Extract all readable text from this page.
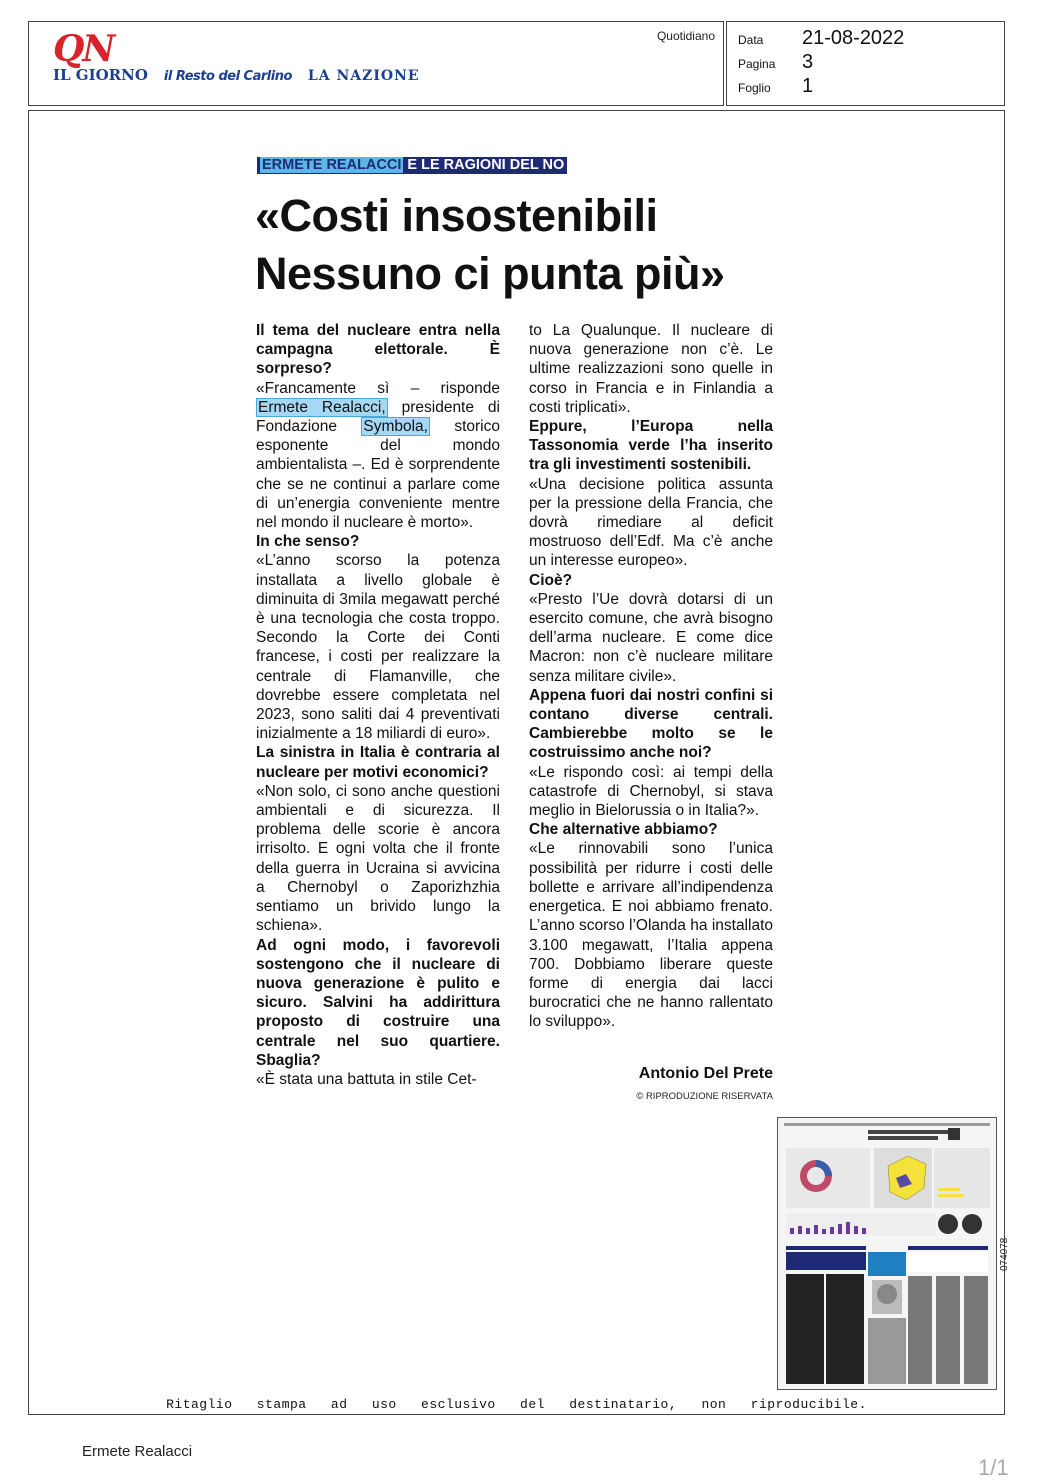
QN
IL GIORNO il Resto del Carlino LA NAZIONE
Quotidiano Data	21-08-2022
Pagina	3
Foglio	1
ERMETE REALACCI E LE RAGIONI DEL NO
«Costi insostenibili
Nessuno ci punta più»
Il tema del nucleare entra nella campagna elettorale. È sorpreso?
«Francamente sì – risponde Ermete Realacci, presidente di Fondazione Symbola, storico esponente del mondo ambientalista –. Ed è sorprendente che se ne continui a parlare come di un’energia conveniente mentre nel mondo il nucleare è morto».
In che senso?
«L’anno scorso la potenza installata a livello globale è diminuita di 3mila megawatt perché è una tecnologia che costa troppo. Secondo la Corte dei Conti francese, i costi per realizzare la centrale di Flamanville, che dovrebbe essere completata nel 2023, sono saliti dai 4 preventivati inizialmente a 18 miliardi di euro».
La sinistra in Italia è contraria al nucleare per motivi economici?
«Non solo, ci sono anche questioni ambientali e di sicurezza. Il problema delle scorie è ancora irrisolto. E ogni volta che il fronte della guerra in Ucraina si avvicina a Chernobyl o Zaporizhzhia sentiamo un brivido lungo la schiena».
Ad ogni modo, i favorevoli sostengono che il nucleare di nuova generazione è pulito e sicuro. Salvini ha addirittura proposto di costruire una centrale nel suo quartiere. Sbaglia?
«È stata una battuta in stile Cet-
to La Qualunque. Il nucleare di nuova generazione non c’è. Le ultime realizzazioni sono quelle in corso in Francia e in Finlandia a costi triplicati».
Eppure, l’Europa nella Tassonomia verde l’ha inserito tra gli investimenti sostenibili.
«Una decisione politica assunta per la pressione della Francia, che dovrà rimediare al deficit mostruoso dell’Edf. Ma c’è anche un interesse europeo».
Cioè?
«Presto l’Ue dovrà dotarsi di un esercito comune, che avrà bisogno dell’arma nucleare. E come dice Macron: non c’è nucleare militare senza militare civile».
Appena fuori dai nostri confini si contano diverse centrali. Cambierebbe molto se le costruissimo anche noi?
«Le rispondo così: ai tempi della catastrofe di Chernobyl, si stava meglio in Bielorussia o in Italia?».
Che alternative abbiamo?
«Le rinnovabili sono l’unica possibilità per ridurre i costi delle bollette e arrivare all’indipendenza energetica. E noi abbiamo frenato. L’anno scorso l’Olanda ha installato 3.100 megawatt, l’Italia appena 700. Dobbiamo liberare queste forme di energia dai lacci burocratici che ne hanno rallentato lo sviluppo».
Antonio Del Prete
© RIPRODUZIONE RISERVATA
074078
Ritaglio stampa ad uso esclusivo del destinatario, non riproducibile.
Ermete Realacci
1/1
